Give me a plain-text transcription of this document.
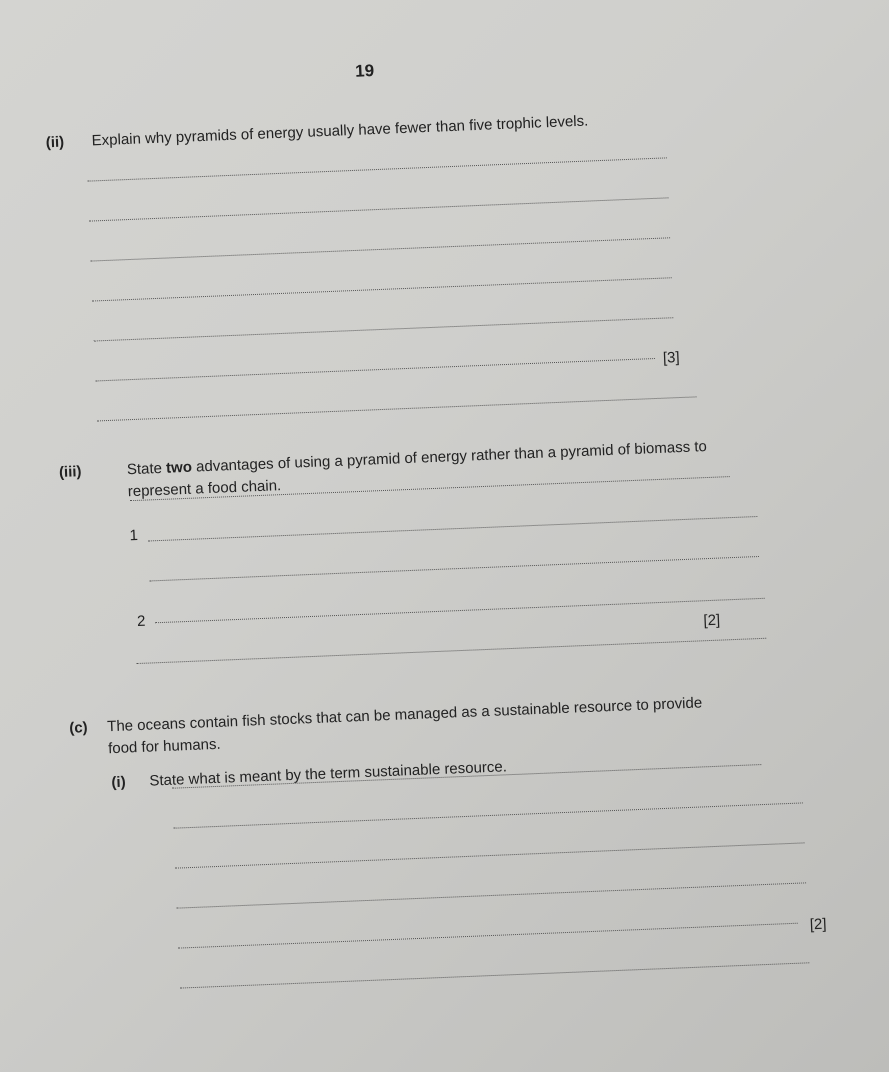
19
(ii) Explain why pyramids of energy usually have fewer than five trophic levels.
[3]
(iii)	State two advantages of using a pyramid of energy rather than a pyramid of biomass to
represent a food chain.
1
2	[2]
(c) The oceans contain fish stocks that can be managed as a sustainable resource to provide
food for humans.
(i) State what is meant by the term sustainable resource.
[2]
